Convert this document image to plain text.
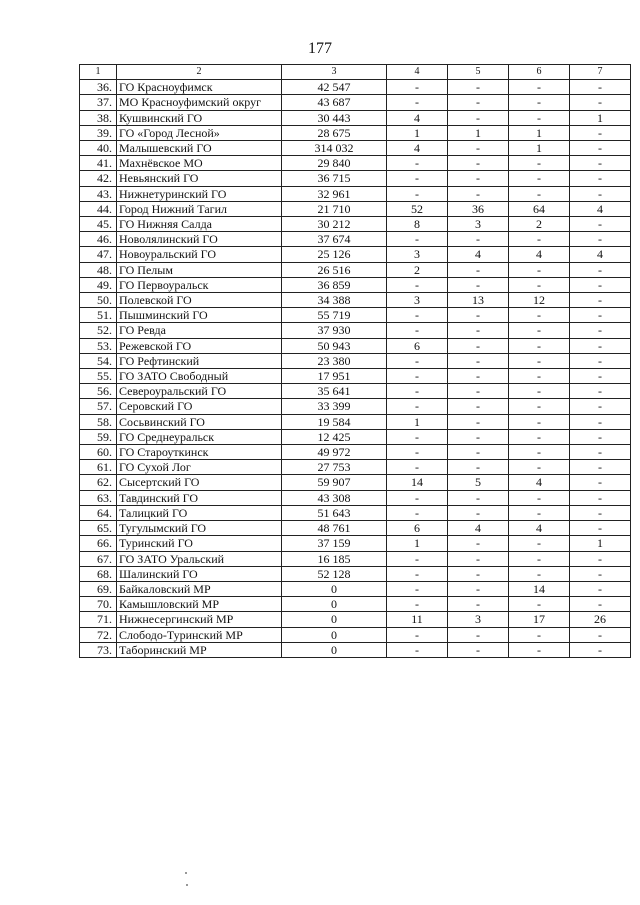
177
1	2	3	4	5	6	7
36.	ГО Красноуфимск	42 547	-	-	-	-
37.	МО Красноуфимский округ	43 687	-	-	-	-
38.	Кушвинский ГО	30 443	4	-	-	1
39.	ГО «Город Лесной»	28 675	1	1	1	-
40.	Малышевский ГО	314 032	4	-	1	-
41.	Махнёвское МО	29 840	-	-	-	-
42.	Невьянский ГО	36 715	-	-	-	-
43.	Нижнетуринский ГО	32 961	-	-	-	-
44.	Город Нижний Тагил	21 710	52	36	64	4
45.	ГО Нижняя Салда	30 212	8	3	2	-
46.	Новолялинский ГО	37 674	-	-	-	-
47.	Новоуральский ГО	25 126	3	4	4	4
48.	ГО Пелым	26 516	2	-	-	-
49.	ГО Первоуральск	36 859	-	-	-	-
50.	Полевской ГО	34 388	3	13	12	-
51.	Пышминский ГО	55 719	-	-	-	-
52.	ГО Ревда	37 930	-	-	-	-
53.	Режевской ГО	50 943	6	-	-	-
54.	ГО Рефтинский	23 380	-	-	-	-
55.	ГО ЗАТО Свободный	17 951	-	-	-	-
56.	Североуральский ГО	35 641	-	-	-	-
57.	Серовский ГО	33 399	-	-	-	-
58.	Сосьвинский ГО	19 584	1	-	-	-
59.	ГО Среднеуральск	12 425	-	-	-	-
60.	ГО Староуткинск	49 972	-	-	-	-
61.	ГО Сухой Лог	27 753	-	-	-	-
62.	Сысертский ГО	59 907	14	5	4	-
63.	Тавдинский ГО	43 308	-	-	-	-
64.	Талицкий ГО	51 643	-	-	-	-
65.	Тугулымский ГО	48 761	6	4	4	-
66.	Туринский ГО	37 159	1	-	-	1
67.	ГО ЗАТО Уральский	16 185	-	-	-	-
68.	Шалинский ГО	52 128	-	-	-	-
69.	Байкаловский МР	0	-	-	14	-
70.	Камышловский МР	0	-	-	-	-
71.	Нижнесергинский МР	0	11	3	17	26
72.	Слободо-Туринский МР	0	-	-	-	-
73.	Таборинский МР	0	-	-	-	-
